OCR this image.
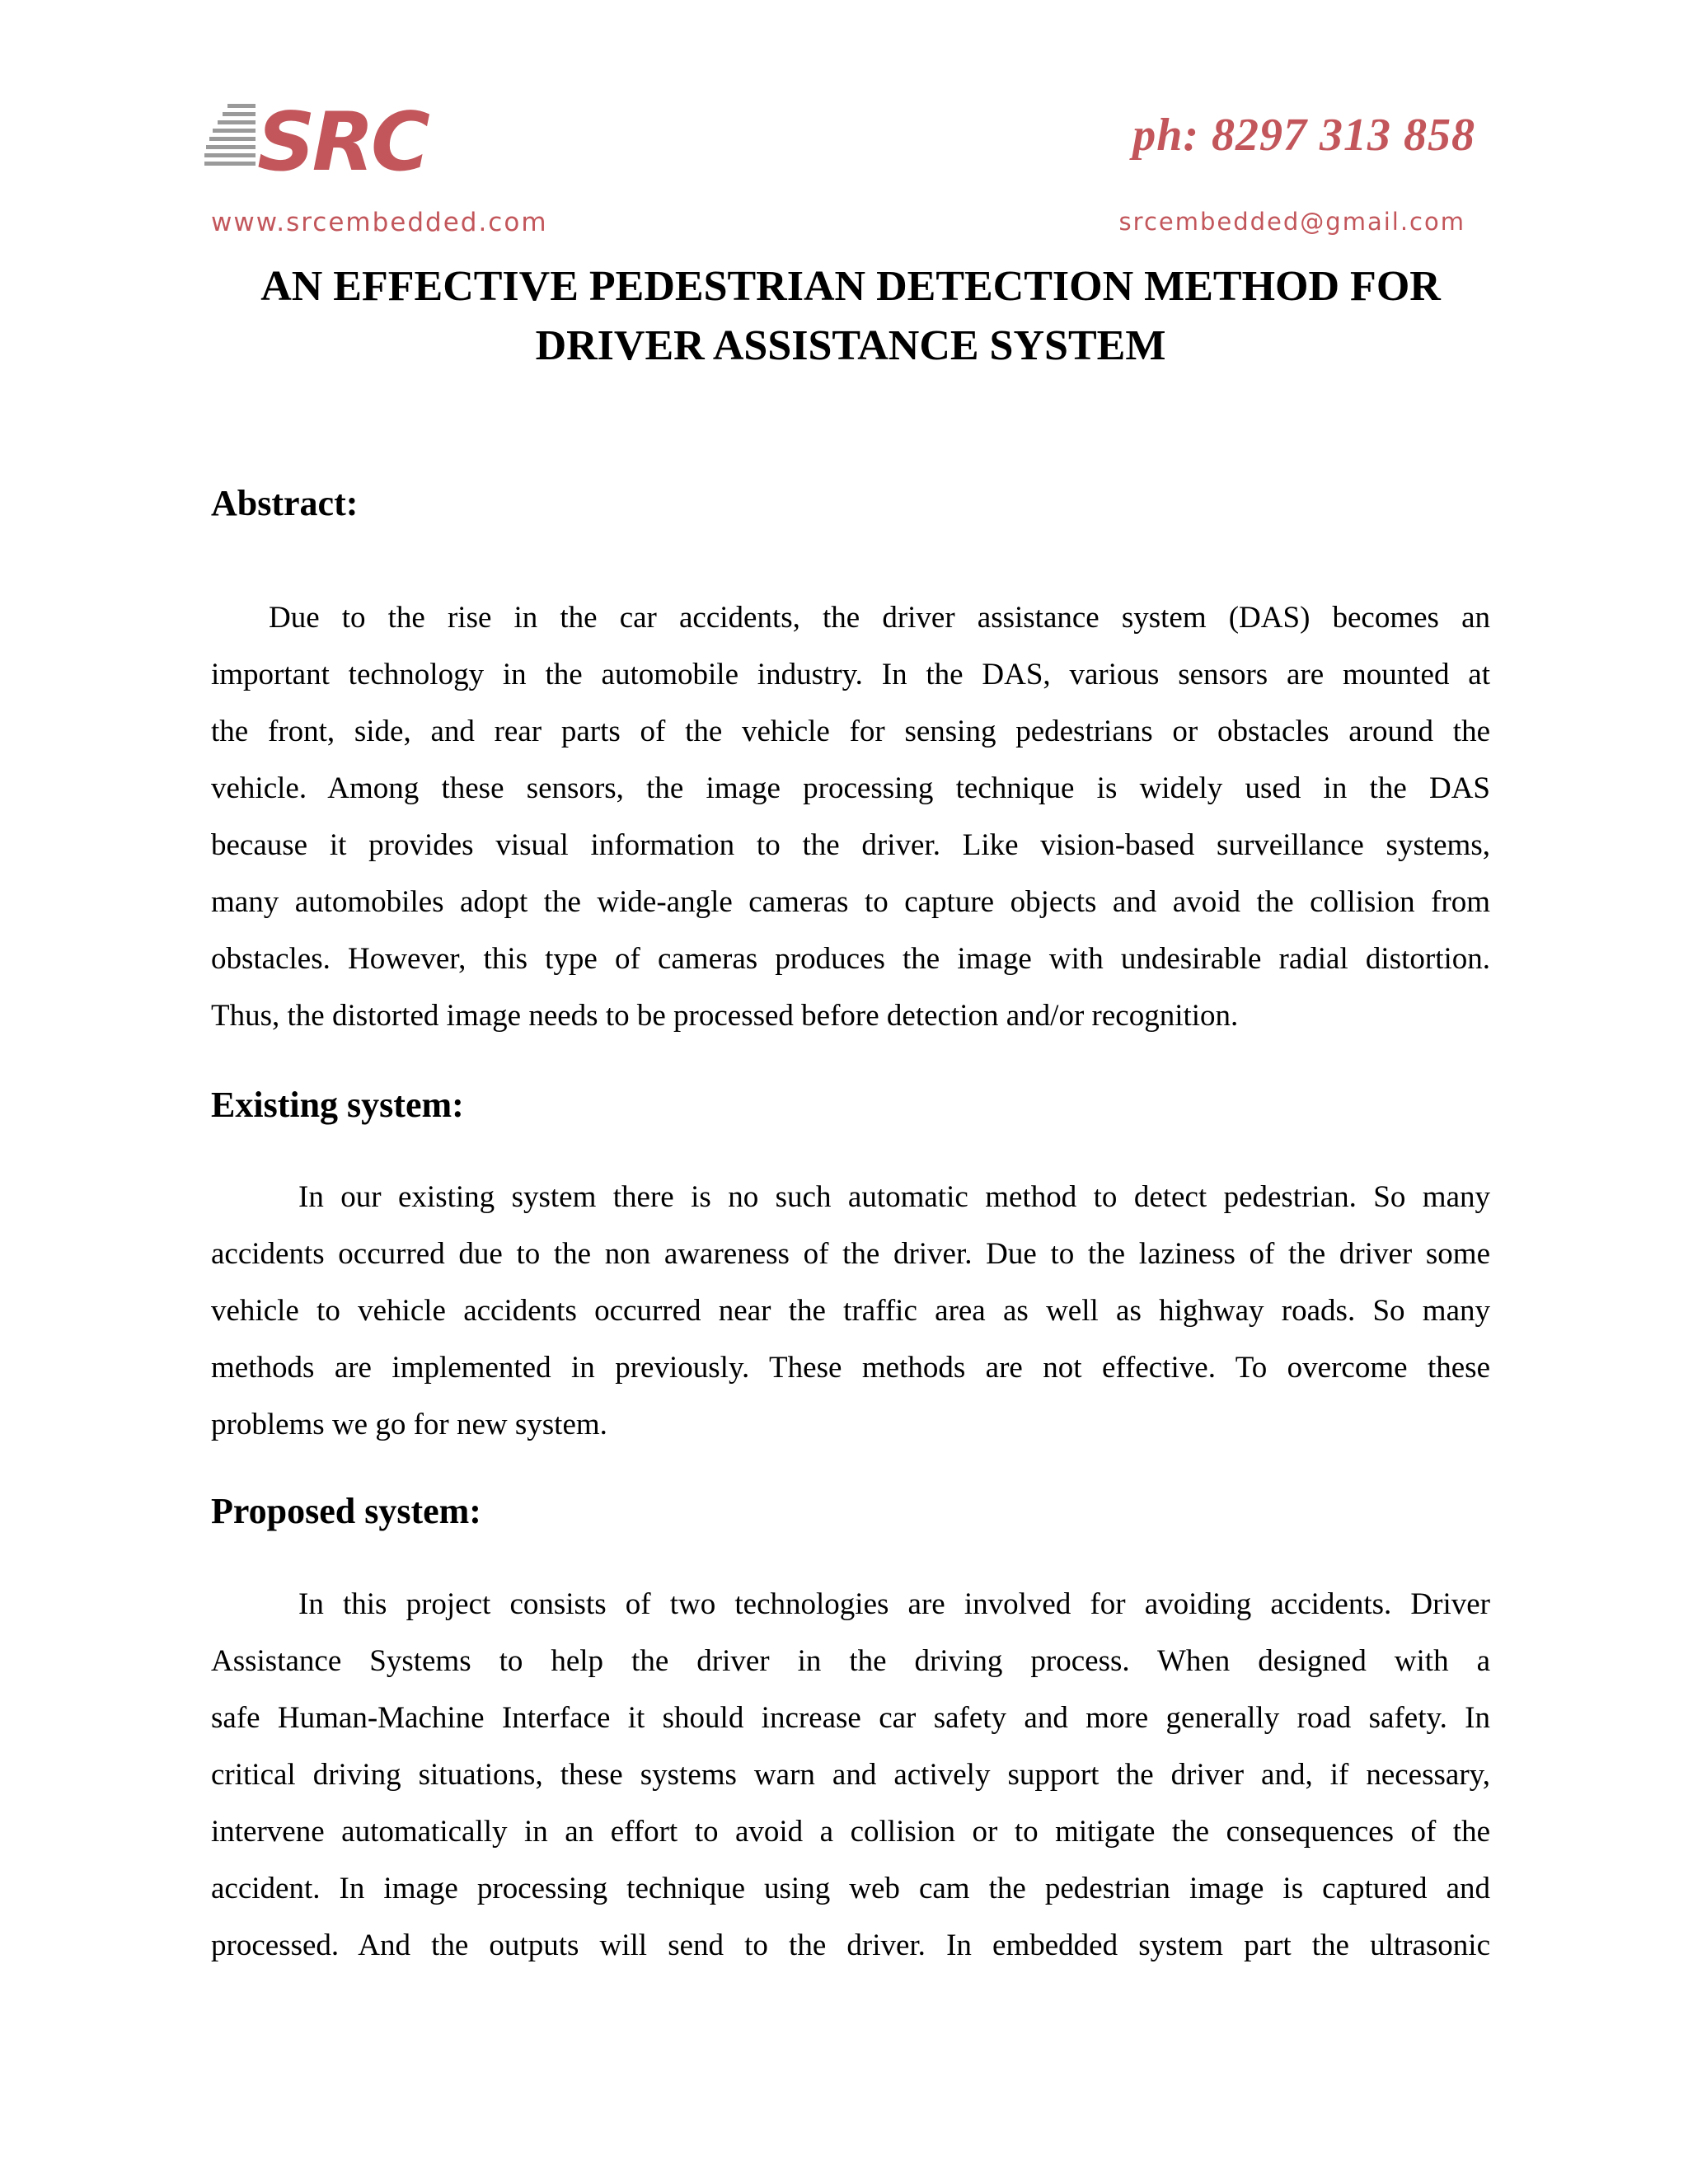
SRC	ph: 8297 313 858
www.srcembedded.com	srcembedded@gmail.com
AN EFFECTIVE PEDESTRIAN DETECTION METHOD FOR
DRIVER ASSISTANCE SYSTEM
Abstract:
Due to the rise in the car accidents, the driver assistance system (DAS) becomes an
important technology in the automobile industry. In the DAS, various sensors are mounted at
the front, side, and rear parts of the vehicle for sensing pedestrians or obstacles around the
vehicle. Among these sensors, the image processing technique is widely used in the DAS
because it provides visual information to the driver. Like vision-based surveillance systems,
many automobiles adopt the wide-angle cameras to capture objects and avoid the collision from
obstacles. However, this type of cameras produces the image with undesirable radial distortion.
Thus, the distorted image needs to be processed before detection and/or recognition.
Existing system:
In our existing system there is no such automatic method to detect pedestrian. So many
accidents occurred due to the non awareness of the driver. Due to the laziness of the driver some
vehicle to vehicle accidents occurred near the traffic area as well as highway roads. So many
methods are implemented in previously. These methods are not effective. To overcome these
problems we go for new system.
Proposed system:
In this project consists of two technologies are involved for avoiding accidents. Driver
Assistance Systems to help the driver in the driving process. When designed with a
safe Human-Machine Interface it should increase car safety and more generally road safety. In
critical driving situations, these systems warn and actively support the driver and, if necessary,
intervene automatically in an effort to avoid a collision or to mitigate the consequences of the
accident. In image processing technique using web cam the pedestrian image is captured and
processed. And the outputs will send to the driver. In embedded system part the ultrasonic
